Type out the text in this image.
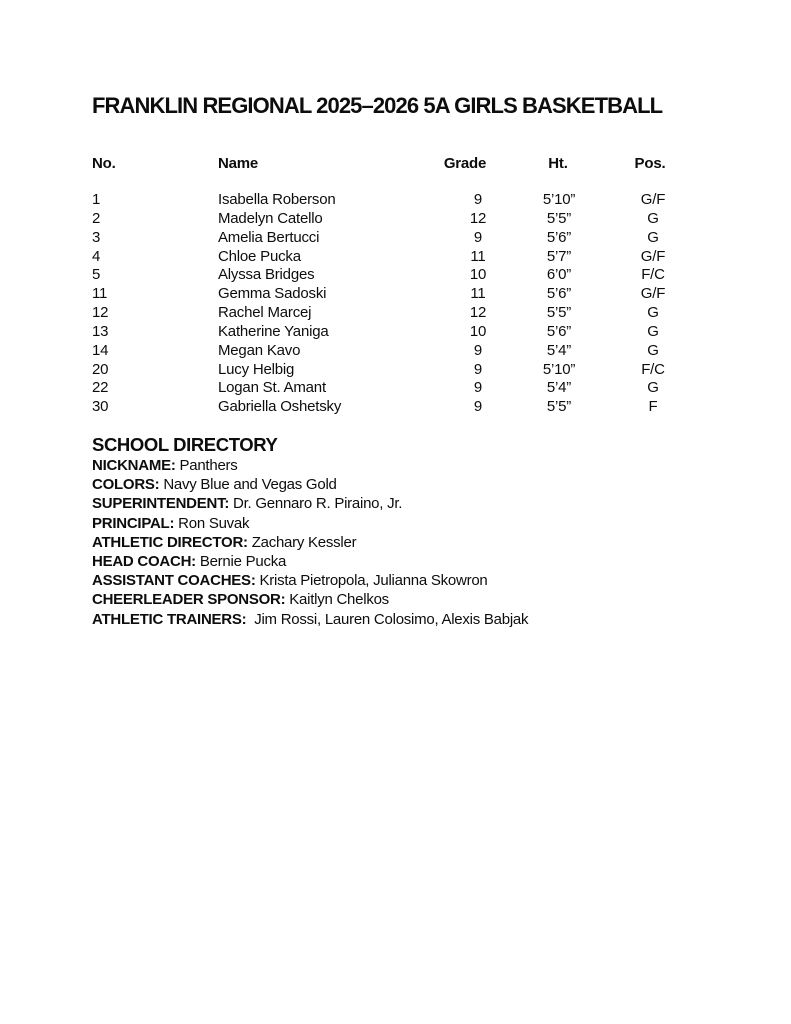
FRANKLIN REGIONAL 2025–2026 5A GIRLS BASKETBALL
No.	Name	Grade	Ht.	Pos.
1	Isabella Roberson	9	5’10”	G/F
2	Madelyn Catello	12	5’5”	G
3	Amelia Bertucci	9	5’6”	G
4	Chloe Pucka	11	5’7”	G/F
5	Alyssa Bridges	10	6’0”	F/C
11	Gemma Sadoski	11	5’6”	G/F
12	Rachel Marcej	12	5’5”	G
13	Katherine Yaniga	10	5’6”	G
14	Megan Kavo	9	5’4”	G
20	Lucy Helbig	9	5’10”	F/C
22	Logan St. Amant	9	5’4”	G
30	Gabriella Oshetsky	9	5’5”	F
SCHOOL DIRECTORY
NICKNAME: Panthers
COLORS: Navy Blue and Vegas Gold
SUPERINTENDENT: Dr. Gennaro R. Piraino, Jr.
PRINCIPAL: Ron Suvak
ATHLETIC DIRECTOR: Zachary Kessler
HEAD COACH: Bernie Pucka
ASSISTANT COACHES: Krista Pietropola, Julianna Skowron
CHEERLEADER SPONSOR: Kaitlyn Chelkos
ATHLETIC TRAINERS:  Jim Rossi, Lauren Colosimo, Alexis Babjak
